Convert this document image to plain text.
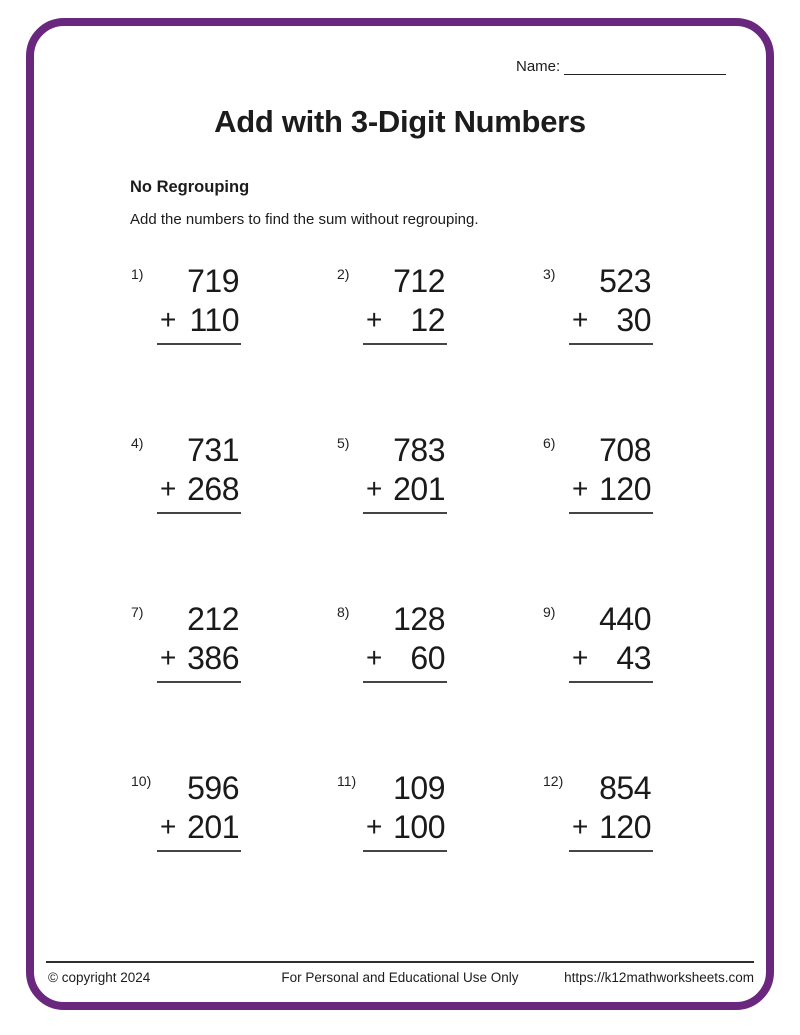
Name:
Add with 3-Digit Numbers
No Regrouping

Add the numbers to find the sum without regrouping.

1)	719
+ 110
2)	712
+ 12
3)	523
+ 30
4)	731
+ 268
5)	783
+ 201
6)	708
+ 120
7)	212
+ 386
8)	128
+ 60
9)	440
+ 43
10)	596
+ 201
11)	109
+ 100
12)	854
+ 120
© copyright 2024	For Personal and Educational Use Only	https://k12mathworksheets.com
